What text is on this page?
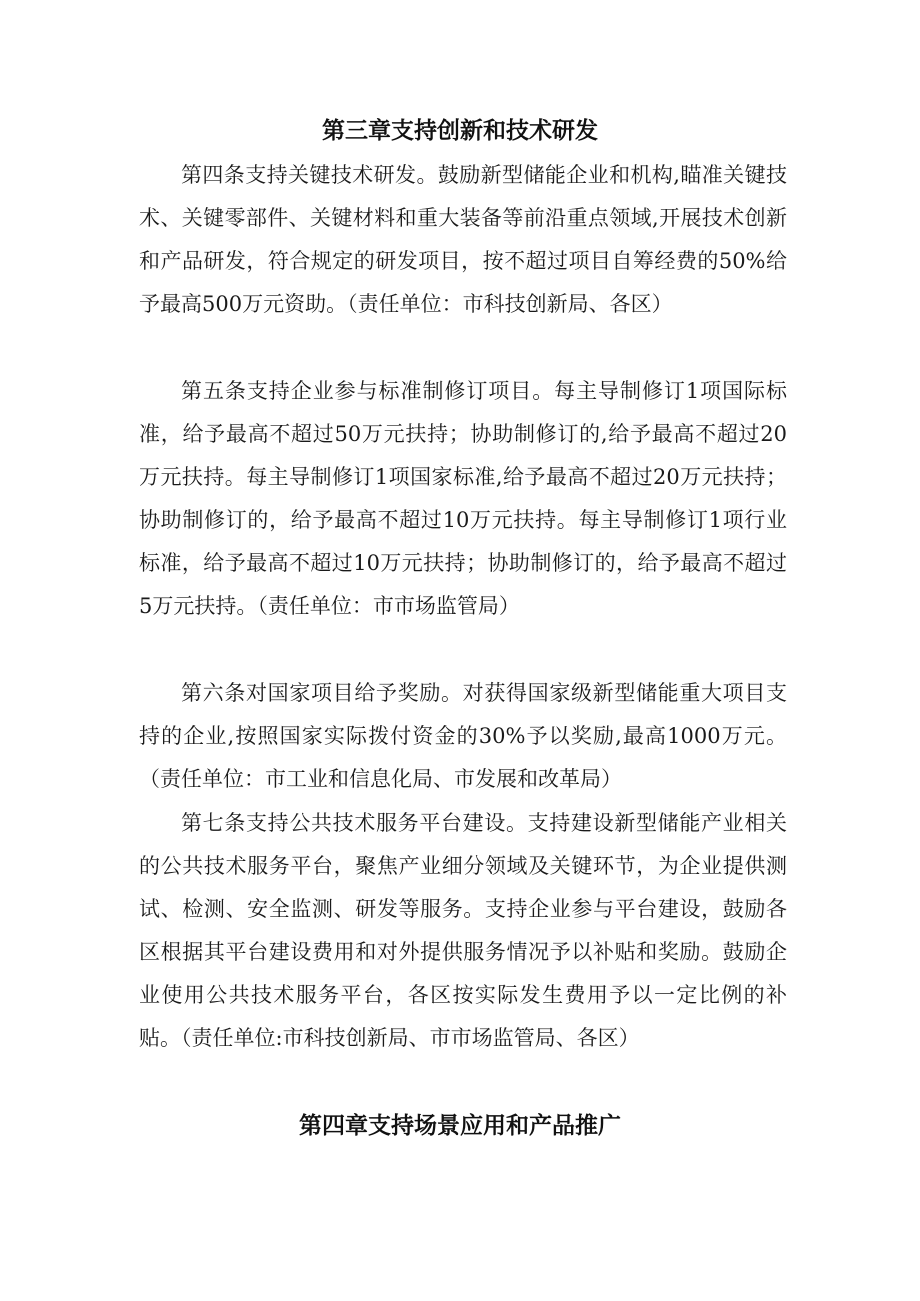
第三章支持创新和技术研发

第四条支持关键技术研发。鼓励新型储能企业和机构,瞄准关键技术、关键零部件、关键材料和重大装备等前沿重点领域,开展技术创新和产品研发，符合规定的研发项目，按不超过项目自筹经费的50%给予最高500万元资助。（责任单位：市科技创新局、各区）

第五条支持企业参与标准制修订项目。每主导制修订1项国际标准，给予最高不超过50万元扶持；协助制修订的,给予最高不超过20万元扶持。每主导制修订1项国家标准,给予最高不超过20万元扶持；协助制修订的，给予最高不超过10万元扶持。每主导制修订1项行业标准，给予最高不超过10万元扶持；协助制修订的，给予最高不超过5万元扶持。（责任单位：市市场监管局）

第六条对国家项目给予奖励。对获得国家级新型储能重大项目支持的企业,按照国家实际拨付资金的30%予以奖励,最高1000万元。（责任单位：市工业和信息化局、市发展和改革局）

第七条支持公共技术服务平台建设。支持建设新型储能产业相关的公共技术服务平台，聚焦产业细分领域及关键环节，为企业提供测试、检测、安全监测、研发等服务。支持企业参与平台建设，鼓励各区根据其平台建设费用和对外提供服务情况予以补贴和奖励。鼓励企业使用公共技术服务平台，各区按实际发生费用予以一定比例的补贴。（责任单位:市科技创新局、市市场监管局、各区）

第四章支持场景应用和产品推广
